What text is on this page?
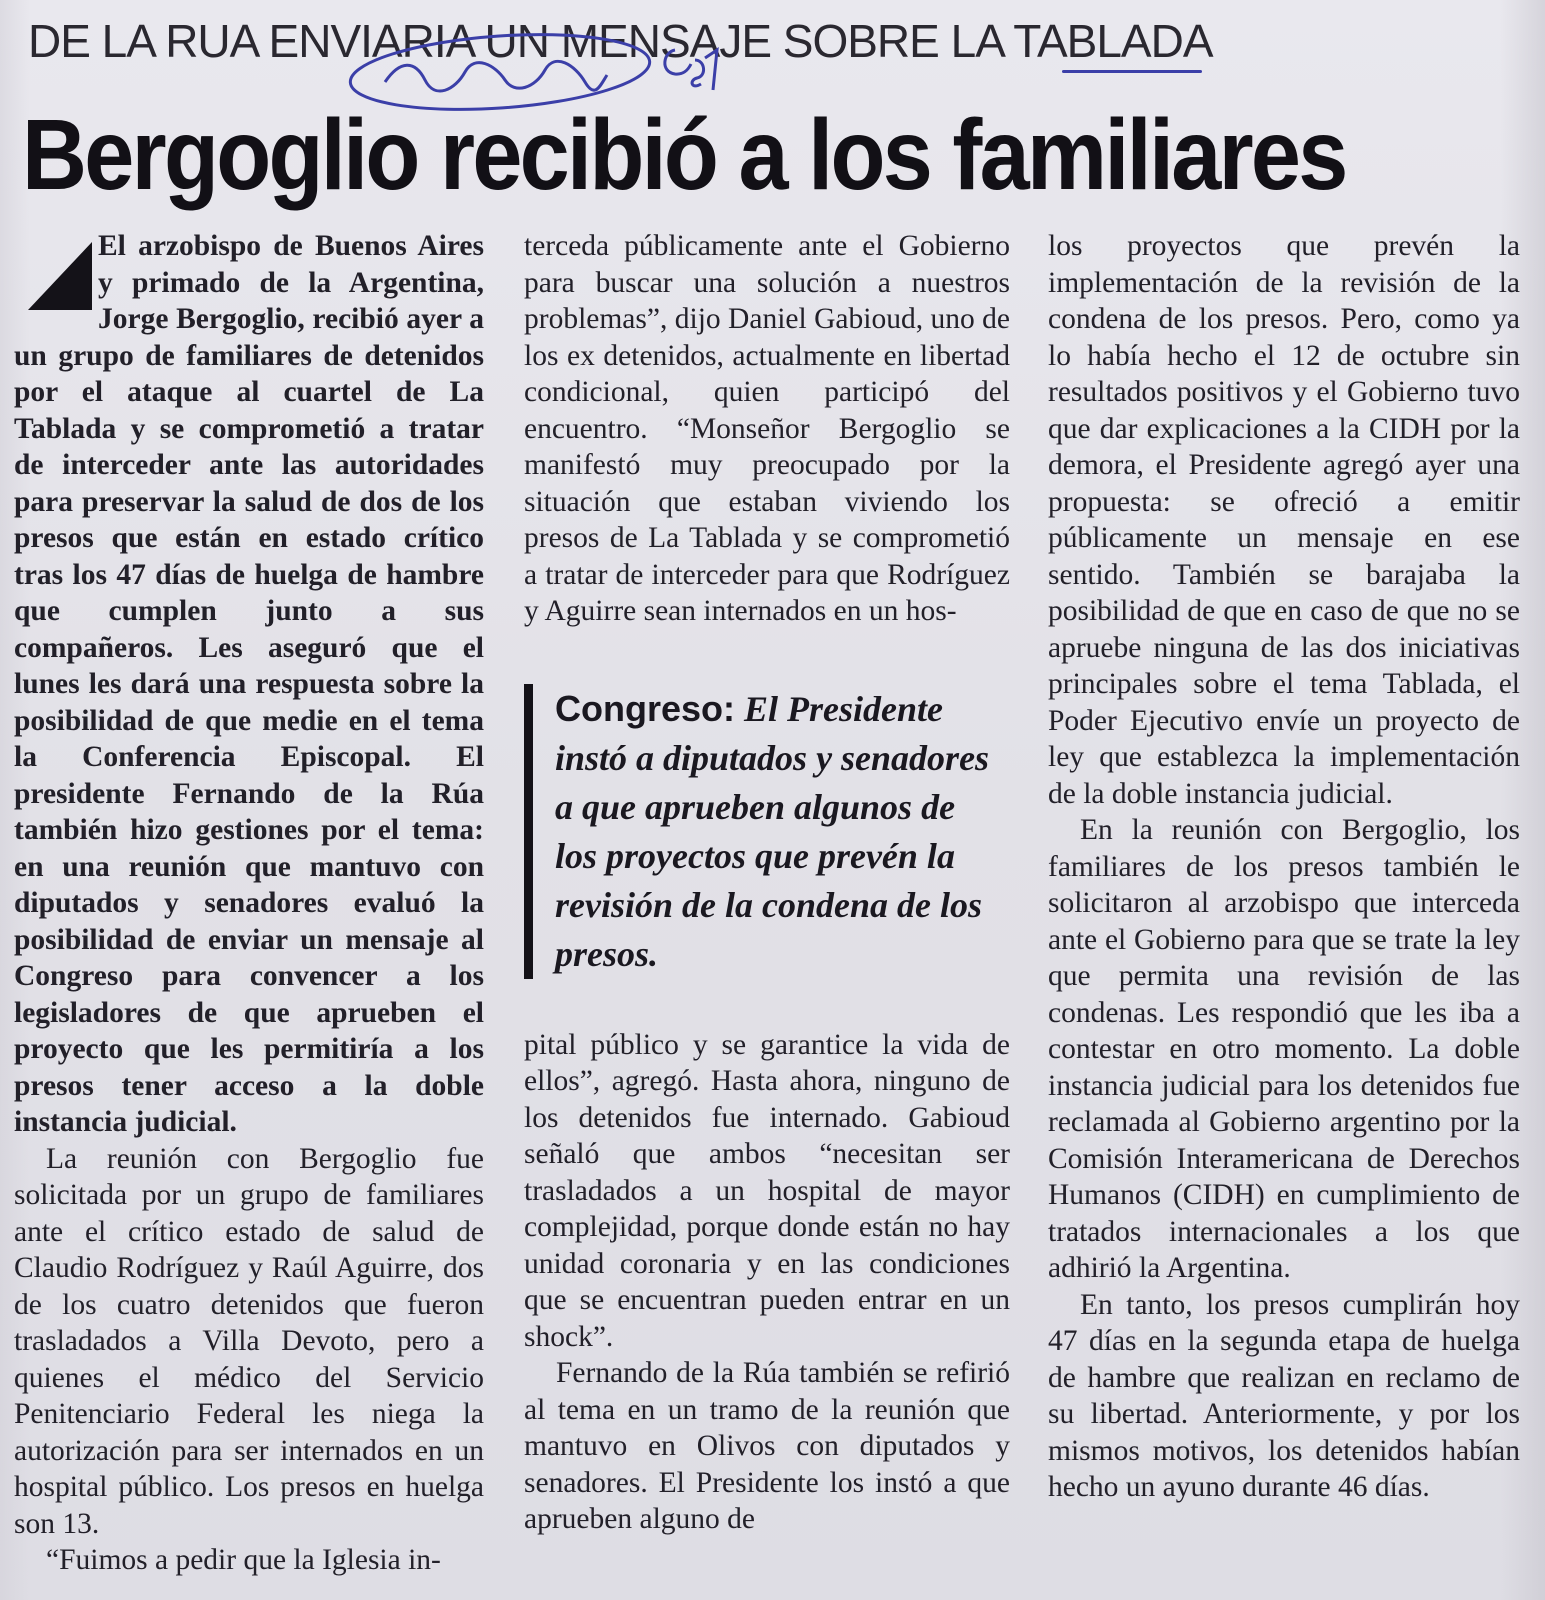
DE LA RUA ENVIARIA UN MENSAJE SOBRE LA TABLADA
Bergoglio recibió a los familiares

El arzobispo de Buenos Aires y primado de la Argentina, Jorge Bergoglio, recibió ayer a un grupo de familiares de detenidos por el ataque al cuartel de La Tablada y se comprometió a tratar de interceder ante las autoridades para preservar la salud de dos de los presos que están en estado crítico tras los 47 días de huelga de hambre que cumplen junto a sus compañeros. Les aseguró que el lunes les dará una respuesta sobre la posibilidad de que medie en el tema la Conferencia Episcopal. El presidente Fernando de la Rúa también hizo gestiones por el tema: en una reunión que mantuvo con diputados y senadores evaluó la posibilidad de enviar un mensaje al Congreso para convencer a los legisladores de que aprueben el proyecto que les permitiría a los presos tener acceso a la doble instancia judicial.

La reunión con Bergoglio fue solicitada por un grupo de familiares ante el crítico estado de salud de Claudio Rodríguez y Raúl Aguirre, dos de los cuatro detenidos que fueron trasladados a Villa Devoto, pero a quienes el médico del Servicio Penitenciario Federal les niega la autorización para ser internados en un hospital público. Los presos en huelga son 13.

“Fuimos a pedir que la Iglesia in-

terceda públicamente ante el Gobierno para buscar una solución a nuestros problemas”, dijo Daniel Gabioud, uno de los ex detenidos, actualmente en libertad condicional, quien participó del encuentro. “Monseñor Bergoglio se manifestó muy preocupado por la situación que estaban viviendo los presos de La Tablada y se comprometió a tratar de interceder para que Rodríguez y Aguirre sean internados en un hos-

Congreso: El Presidente instó a diputados y senadores a que aprueben algunos de los proyectos que prevén la revisión de la condena de los presos.

pital público y se garantice la vida de ellos”, agregó. Hasta ahora, ninguno de los detenidos fue internado. Gabioud señaló que ambos “necesitan ser trasladados a un hospital de mayor complejidad, porque donde están no hay unidad coronaria y en las condiciones que se encuentran pueden entrar en un shock”.

Fernando de la Rúa también se refirió al tema en un tramo de la reunión que mantuvo en Olivos con diputados y senadores. El Presidente los instó a que aprueben alguno de

los proyectos que prevén la implementación de la revisión de la condena de los presos. Pero, como ya lo había hecho el 12 de octubre sin resultados positivos y el Gobierno tuvo que dar explicaciones a la CIDH por la demora, el Presidente agregó ayer una propuesta: se ofreció a emitir públicamente un mensaje en ese sentido. También se barajaba la posibilidad de que en caso de que no se apruebe ninguna de las dos iniciativas principales sobre el tema Tablada, el Poder Ejecutivo envíe un proyecto de ley que establezca la implementación de la doble instancia judicial.

En la reunión con Bergoglio, los familiares de los presos también le solicitaron al arzobispo que interceda ante el Gobierno para que se trate la ley que permita una revisión de las condenas. Les respondió que les iba a contestar en otro momento. La doble instancia judicial para los detenidos fue reclamada al Gobierno argentino por la Comisión Interamericana de Derechos Humanos (CIDH) en cumplimiento de tratados internacionales a los que adhirió la Argentina.

En tanto, los presos cumplirán hoy 47 días en la segunda etapa de huelga de hambre que realizan en reclamo de su libertad. Anteriormente, y por los mismos motivos, los detenidos habían hecho un ayuno durante 46 días.
